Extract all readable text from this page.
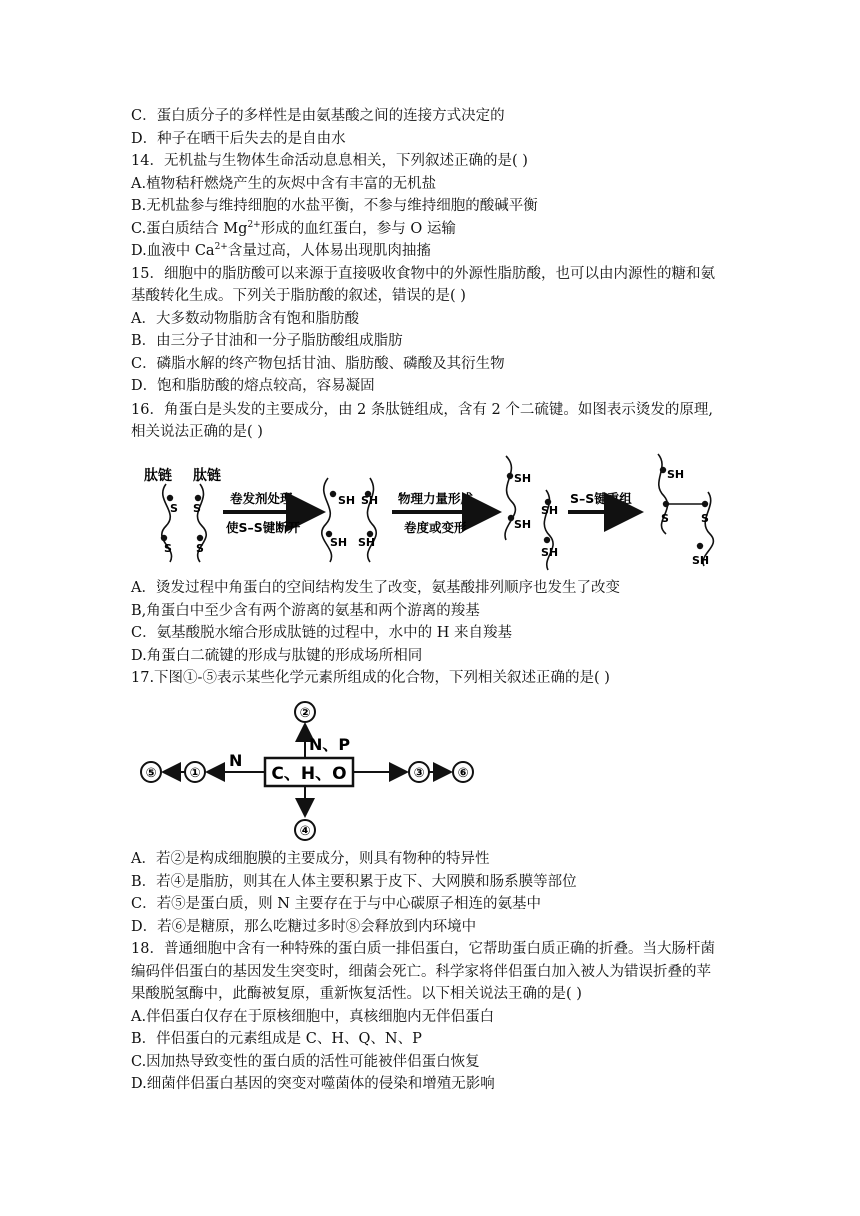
C．蛋白质分子的多样性是由氨基酸之间的连接方式决定的
D．种子在晒干后失去的是自由水
14．无机盐与生物体生命活动息息相关，下列叙述正确的是( )
A.植物秸秆燃烧产生的灰烬中含有丰富的无机盐
B.无机盐参与维持细胞的水盐平衡，不参与维持细胞的酸碱平衡
C.蛋白质结合 $Mg^{2+}$形成的血红蛋白，参与 O 运输
D.血液中 $Ca^{2+}$含量过高，人体易出现肌肉抽搐
15．细胞中的脂肪酸可以来源于直接吸收食物中的外源性脂肪酸，也可以由内源性的糖和氨
基酸转化生成。下列关于脂肪酸的叙述，错误的是( )
A．大多数动物脂肪含有饱和脂肪酸
B．由三分子甘油和一分子脂肪酸组成脂肪
C．磷脂水解的终产物包括甘油、脂肪酸、磷酸及其衍生物
D．饱和脂肪酸的熔点较高，容易凝固
16．角蛋白是头发的主要成分，由 2 条肽链组成，含有 2 个二硫键。如图表示烫发的原理,
相关说法正确的是( )
肽链 肽链
S S
S S
卷发剂处理
使S–S键断开
SH SH
SH SH
物理力量形成
卷度或变形
SH
SH
SH
SH
S–S键重组
SH
S	S
SH
A．烫发过程中角蛋白的空间结构发生了改变，氨基酸排列顺序也发生了改变
B,角蛋白中至少含有两个游离的氨基和两个游离的羧基
C．氨基酸脱水缩合形成肽链的过程中，水中的 H 来自羧基
D.角蛋白二硫键的形成与肽键的形成场所相同
17.下图①-⑤表示某些化学元素所组成的化合物，下列相关叙述正确的是( )
C、H、O
N、P
②
④
N
①
⑤	③	⑥
A．若②是构成细胞膜的主要成分，则具有物种的特异性
B．若④是脂肪，则其在人体主要积累于皮下、大网膜和肠系膜等部位
C．若⑤是蛋白质，则 N 主要存在于与中心碳原子相连的氨基中
D．若⑥是糖原，那么吃糖过多时⑧会释放到内环境中
18．普通细胞中含有一种特殊的蛋白质一排侣蛋白，它帮助蛋白质正确的折叠。当大肠杆菌
编码伴侣蛋白的基因发生突变时，细菌会死亡。科学家将伴侣蛋白加入被人为错误折叠的苹
果酸脱氢酶中，此酶被复原，重新恢复活性。以下相关说法王确的是( )
A.伴侣蛋白仅存在于原核细胞中，真核细胞内无伴侣蛋白
B．伴侣蛋白的元素组成是 C、H、Q、N、P
C.因加热导致变性的蛋白质的活性可能被伴侣蛋白恢复
D.细菌伴侣蛋白基因的突变对噬菌体的侵染和增殖无影响
